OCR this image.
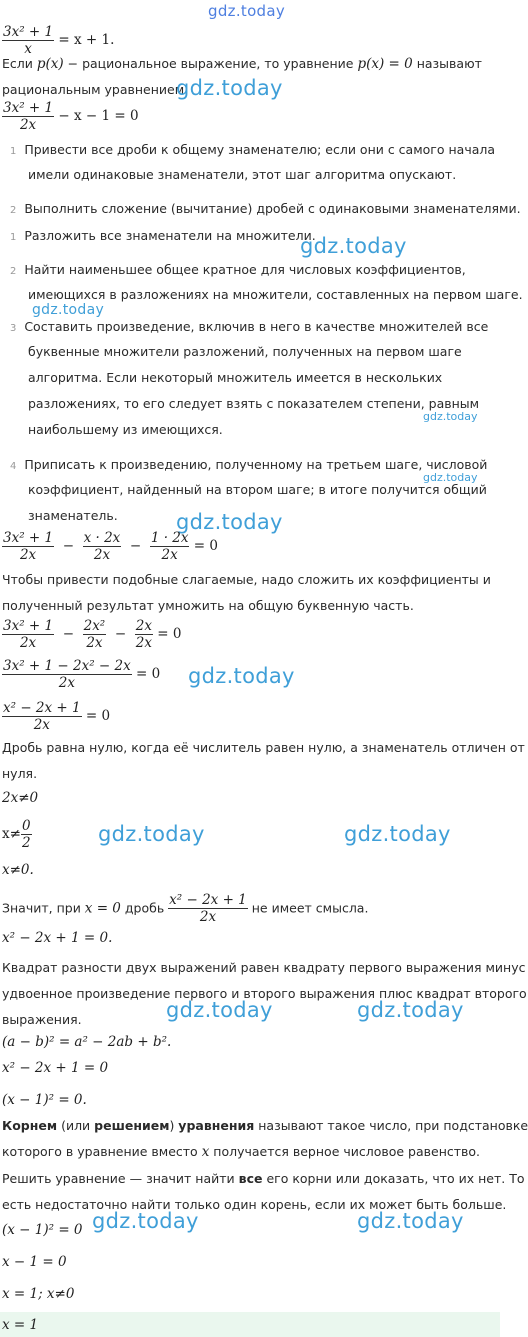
gdz.today
$\frac{\text{3x² + 1}}{x} = x + 1$.
Если p(x) − рациональное выражение, то уравнение p(x) = 0 называют
рациональным уравнением.
gdz.today
$\frac{\text{3x² + 1}}{2x} - x - 1 = 0$
1 Привести все дроби к общему знаменателю; если они с самого начала
имели одинаковые знаменатели, этот шаг алгоритма опускают.
2 Выполнить сложение (вычитание) дробей с одинаковыми знаменателями.
1 Разложить все знаменатели на множители.
gdz.today
2 Найти наименьшее общее кратное для числовых коэффициентов,
имеющихся в разложениях на множители, составленных на первом шаге.
gdz.today
3 Составить произведение, включив в него в качестве множителей все
буквенные множители разложений, полученных на первом шаге
алгоритма. Если некоторый множитель имеется в нескольких
разложениях, то его следует взять с показателем степени, равным
gdz.today
наибольшему из имеющихся.
4 Приписать к произведению, полученному на третьем шаге, числовой
gdz.today
коэффициент, найденный на втором шаге; в итоге получится общий
знаменатель.	gdz.today
$\frac{\text{3x² + 1}}{2x} - \frac{x \cdot 2x}{2x} - \frac{1 \cdot 2x}{2x} = 0$
Чтобы привести подобные слагаемые, надо сложить их коэффициенты и
полученный результат умножить на общую буквенную часть.
$\frac{\text{3x² + 1}}{2x} - \frac{\text{2x²}}{2x} - \frac{2x}{2x} = 0$
$\frac{\text{3x² + 1 − 2x² − 2x}}{2x} = 0$ gdz.today
$\frac{\text{x² − 2x + 1}}{2x} = 0$
Дробь равна нулю, когда её числитель равен нулю, а знаменатель отличен от
нуля.
2x≠0
$x\ne \frac{0}{2}$	gdz.today	gdz.today
x≠0.
Значит, при x = 0 дробь $\frac{\text{x² − 2x + 1}}{2x}$ не имеет смысла.
x² − 2x + 1 = 0.
Квадрат разности двух выражений равен квадрату первого выражения минус
удвоенное произведение первого и второго выражения плюс квадрат второго
gdz.today	gdz.today
выражения.
(a − b)² = a² − 2ab + b².
x² − 2x + 1 = 0
(x − 1)² = 0.
Корнем (или решением) уравнения называют такое число, при подстановке
которого в уравнение вместо x получается верное числовое равенство.
Решить уравнение — значит найти все его корни или доказать, что их нет. То
есть недостаточно найти только один корень, если их может быть больше.
(x − 1)² = 0 gdz.today	gdz.today
x − 1 = 0
x = 1; x≠0
x = 1
